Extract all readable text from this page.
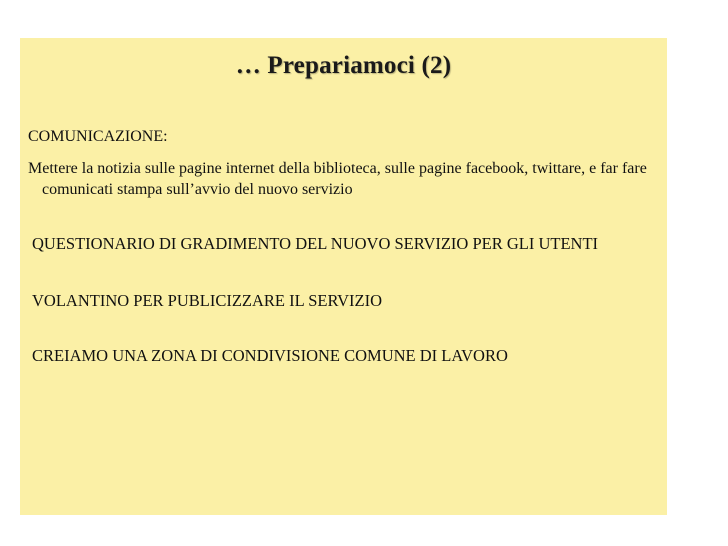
… Prepariamoci (2)
COMUNICAZIONE:
Mettere la notizia sulle pagine internet della biblioteca, sulle pagine facebook, twittare, e far fare comunicati stampa sull’avvio del nuovo servizio
QUESTIONARIO DI GRADIMENTO DEL NUOVO SERVIZIO PER GLI UTENTI
VOLANTINO PER PUBLICIZZARE IL SERVIZIO
CREIAMO UNA ZONA DI CONDIVISIONE COMUNE DI LAVORO
